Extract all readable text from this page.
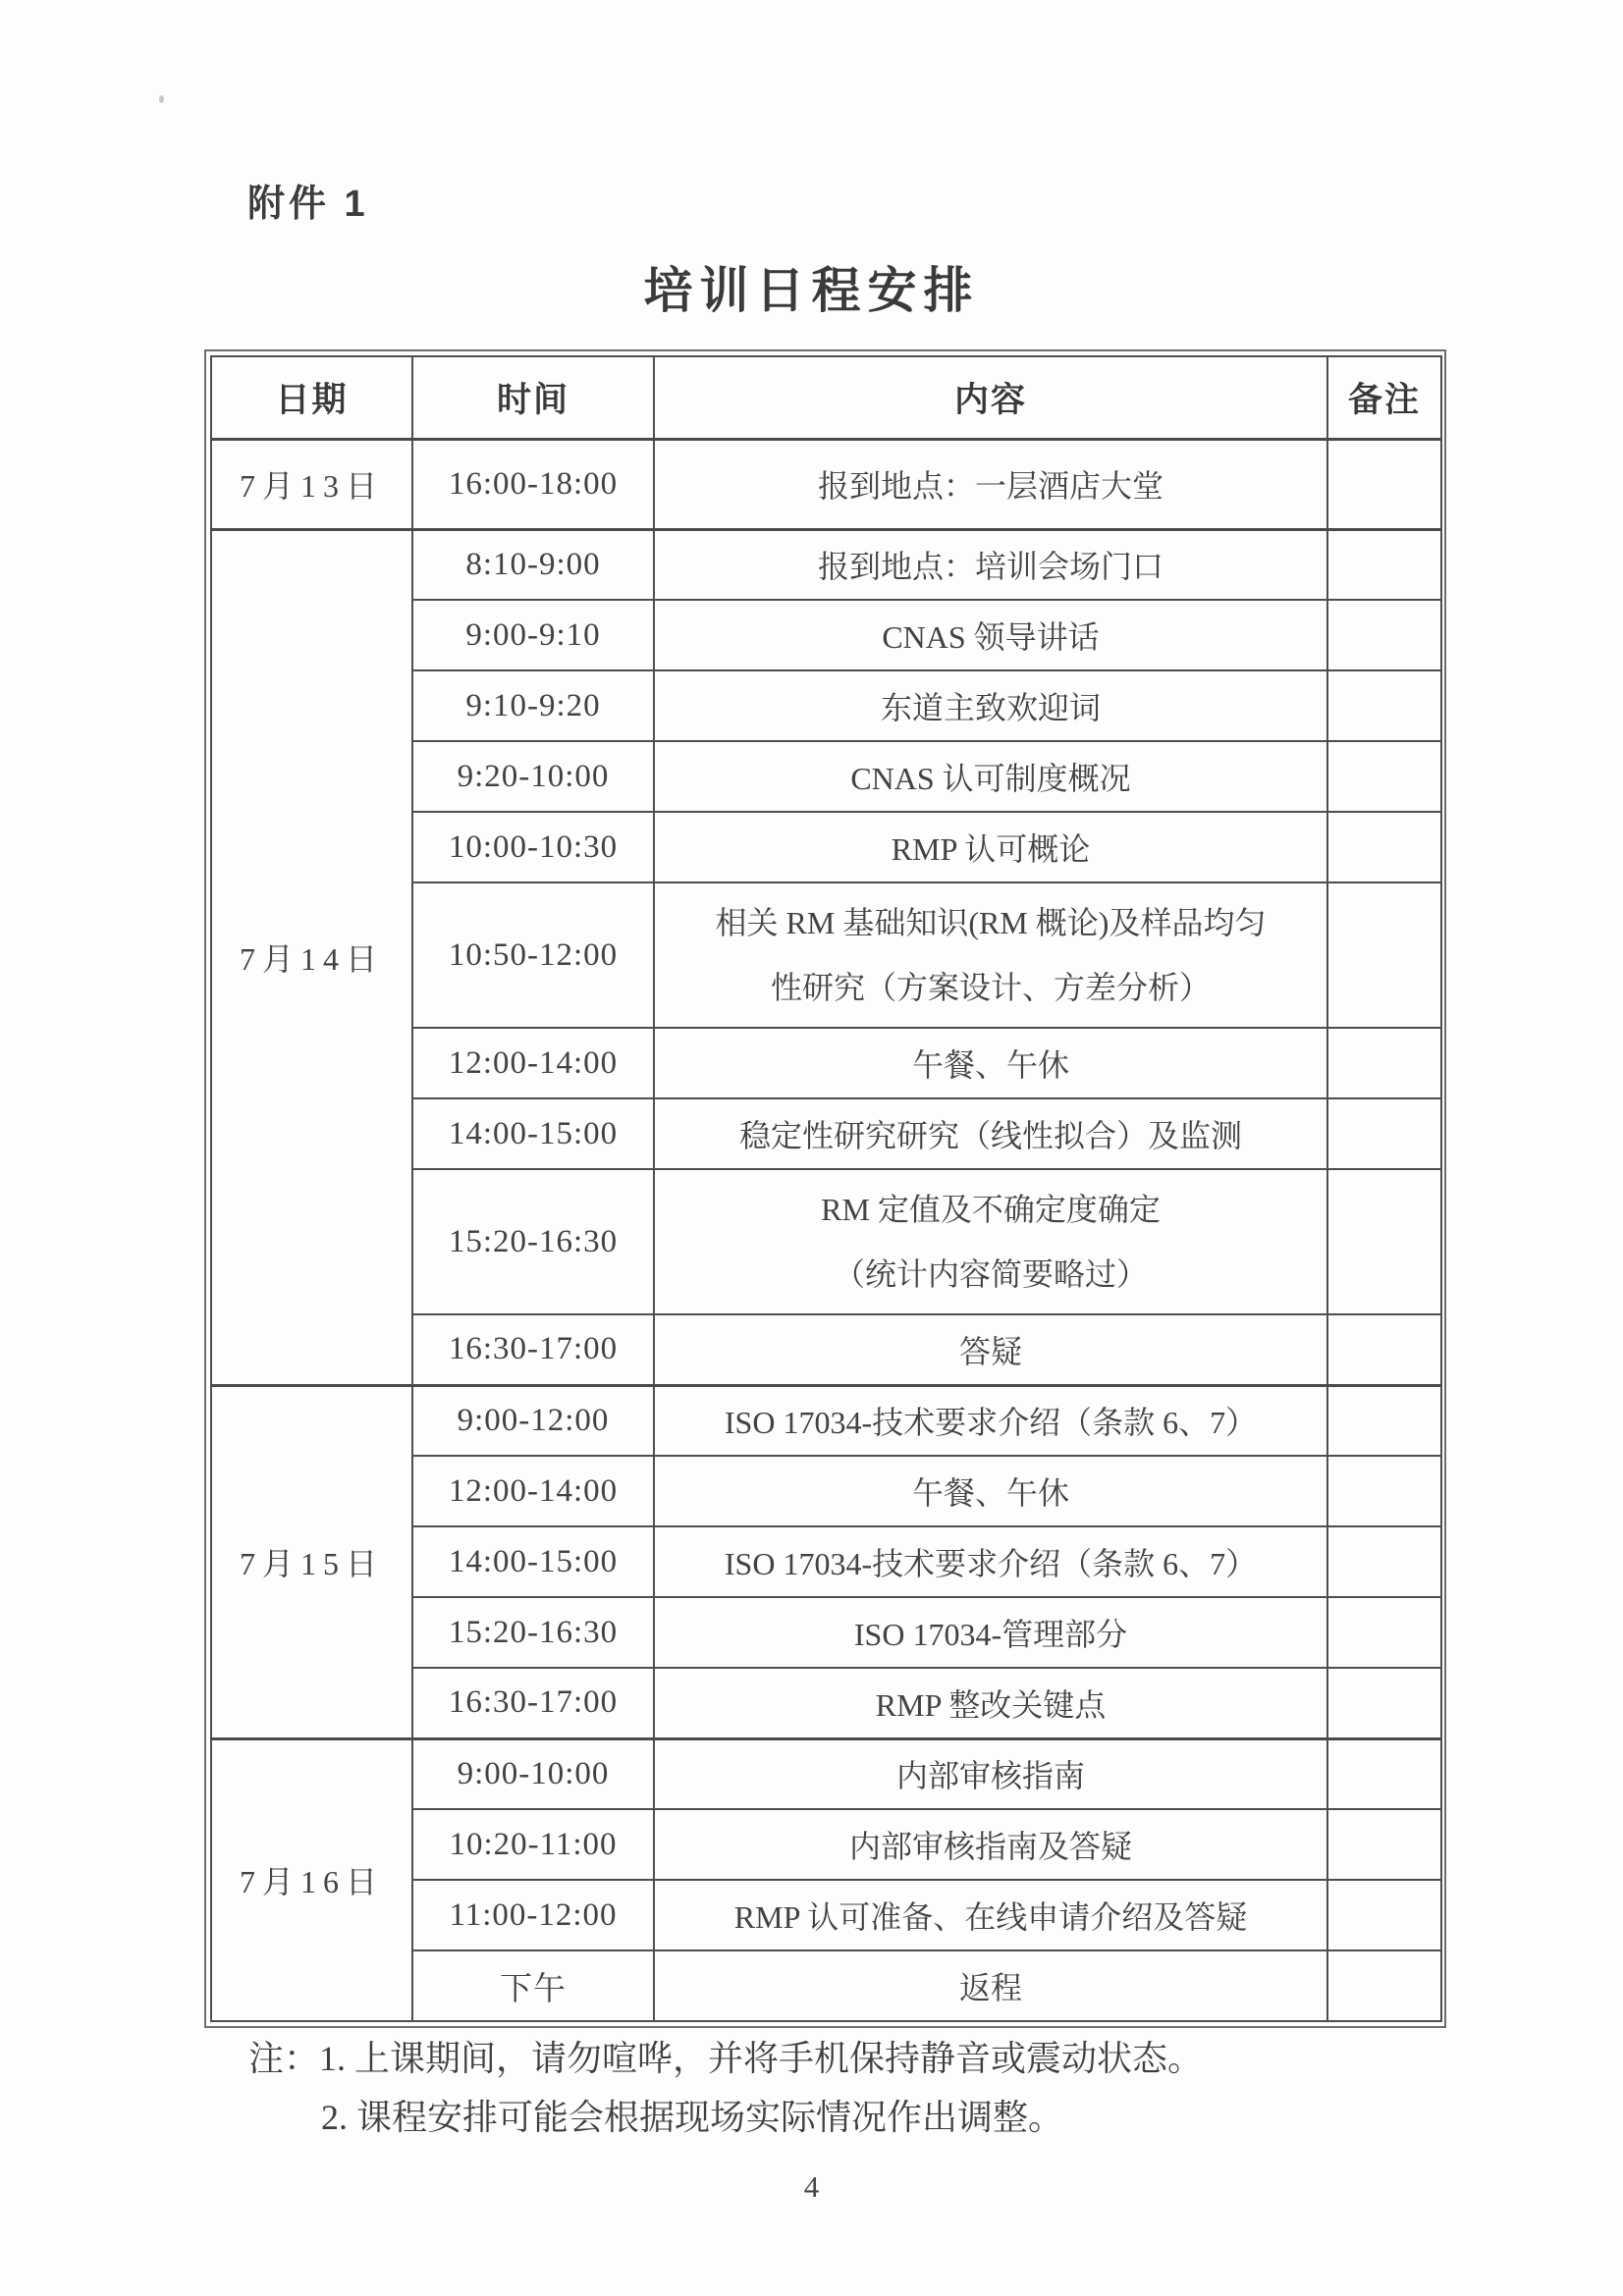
附件 1
培训日程安排
日期	时间	内容	备注
7月13日	16:00-18:00	报到地点：一层酒店大堂	
7月14日	8:10-9:00	报到地点：培训会场门口	
	9:00-9:10	CNAS 领导讲话	
	9:10-9:20	东道主致欢迎词	
	9:20-10:00	CNAS 认可制度概况	
	10:00-10:30	RMP 认可概论	
	10:50-12:00	相关 RM 基础知识(RM 概论)及样品均匀
性研究（方案设计、方差分析）	

	12:00-14:00	午餐、午休	
	14:00-15:00	稳定性研究研究（线性拟合）及监测	
	15:20-16:30	RM 定值及不确定度确定
（统计内容简要略过）	

	16:30-17:00	答疑	
7月15日	9:00-12:00	ISO 17034-技术要求介绍（条款 6、7）	
	12:00-14:00	午餐、午休	
	14:00-15:00	ISO 17034-技术要求介绍（条款 6、7）	
	15:20-16:30	ISO 17034-管理部分	
	16:30-17:00	RMP 整改关键点	
7月16日	9:00-10:00	内部审核指南	
	10:20-11:00	内部审核指南及答疑	
	11:00-12:00	RMP 认可准备、在线申请介绍及答疑	
	下午	返程	

注：1. 上课期间，请勿喧哗，并将手机保持静音或震动状态。

2. 课程安排可能会根据现场实际情况作出调整。

4
